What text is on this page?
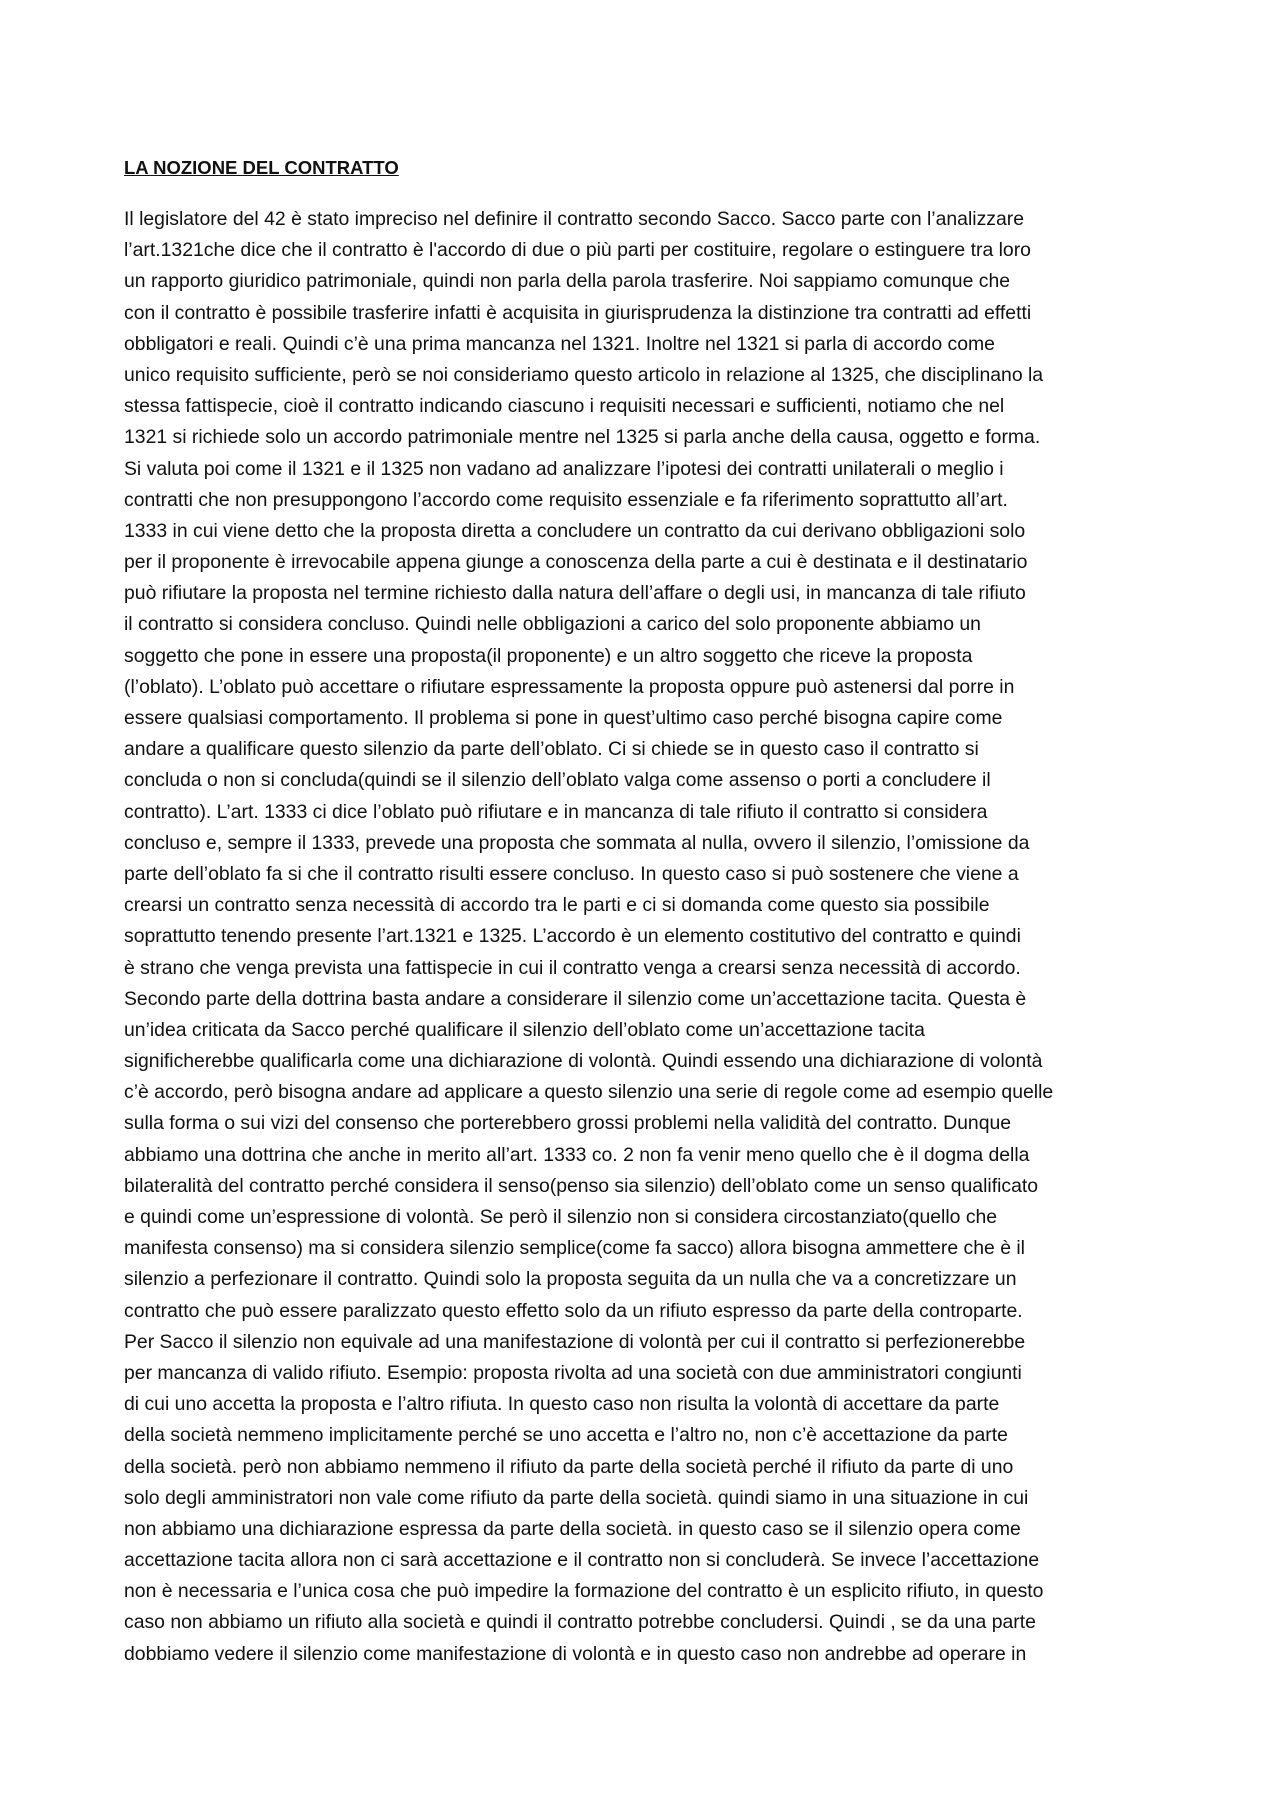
LA NOZIONE DEL CONTRATTO
Il legislatore del 42 è stato impreciso nel definire il contratto secondo Sacco. Sacco parte con l’analizzare
l’art.1321che dice che il contratto è l'accordo di due o più parti per costituire, regolare o estinguere tra loro
un rapporto giuridico patrimoniale, quindi non parla della parola trasferire. Noi sappiamo comunque che
con il contratto è possibile trasferire infatti è acquisita in giurisprudenza la distinzione tra contratti ad effetti
obbligatori e reali. Quindi c’è una prima mancanza nel 1321. Inoltre nel 1321 si parla di accordo come
unico requisito sufficiente, però se noi consideriamo questo articolo in relazione al 1325, che disciplinano la
stessa fattispecie, cioè il contratto indicando ciascuno i requisiti necessari e sufficienti, notiamo che nel
1321 si richiede solo un accordo patrimoniale mentre nel 1325 si parla anche della causa, oggetto e forma.
Si valuta poi come il 1321 e il 1325 non vadano ad analizzare l’ipotesi dei contratti unilaterali o meglio i
contratti che non presuppongono l’accordo come requisito essenziale e fa riferimento soprattutto all’art.
1333 in cui viene detto che la proposta diretta a concludere un contratto da cui derivano obbligazioni solo
per il proponente è irrevocabile appena giunge a conoscenza della parte a cui è destinata e il destinatario
può rifiutare la proposta nel termine richiesto dalla natura dell’affare o degli usi, in mancanza di tale rifiuto
il contratto si considera concluso. Quindi nelle obbligazioni a carico del solo proponente abbiamo un
soggetto che pone in essere una proposta(il proponente) e un altro soggetto che riceve la proposta
(l’oblato). L’oblato può accettare o rifiutare espressamente la proposta oppure può astenersi dal porre in
essere qualsiasi comportamento. Il problema si pone in quest’ultimo caso perché bisogna capire come
andare a qualificare questo silenzio da parte dell’oblato. Ci si chiede se in questo caso il contratto si
concluda o non si concluda(quindi se il silenzio dell’oblato valga come assenso o porti a concludere il
contratto). L’art. 1333 ci dice l’oblato può rifiutare e in mancanza di tale rifiuto il contratto si considera
concluso e, sempre il 1333, prevede una proposta che sommata al nulla, ovvero il silenzio, l’omissione da
parte dell’oblato fa si che il contratto risulti essere concluso. In questo caso si può sostenere che viene a
crearsi un contratto senza necessità di accordo tra le parti e ci si domanda come questo sia possibile
soprattutto tenendo presente l’art.1321 e 1325. L’accordo è un elemento costitutivo del contratto e quindi
è strano che venga prevista una fattispecie in cui il contratto venga a crearsi senza necessità di accordo.
Secondo parte della dottrina basta andare a considerare il silenzio come un’accettazione tacita. Questa è
un’idea criticata da Sacco perché qualificare il silenzio dell’oblato come un’accettazione tacita
significherebbe qualificarla come una dichiarazione di volontà. Quindi essendo una dichiarazione di volontà
c’è accordo, però bisogna andare ad applicare a questo silenzio una serie di regole come ad esempio quelle
sulla forma o sui vizi del consenso che porterebbero grossi problemi nella validità del contratto. Dunque
abbiamo una dottrina che anche in merito all’art. 1333 co. 2 non fa venir meno quello che è il dogma della
bilateralità del contratto perché considera il senso(penso sia silenzio) dell’oblato come un senso qualificato
e quindi come un’espressione di volontà. Se però il silenzio non si considera circostanziato(quello che
manifesta consenso) ma si considera silenzio semplice(come fa sacco) allora bisogna ammettere che è il
silenzio a perfezionare il contratto. Quindi solo la proposta seguita da un nulla che va a concretizzare un
contratto che può essere paralizzato questo effetto solo da un rifiuto espresso da parte della controparte.
Per Sacco il silenzio non equivale ad una manifestazione di volontà per cui il contratto si perfezionerebbe
per mancanza di valido rifiuto. Esempio: proposta rivolta ad una società con due amministratori congiunti
di cui uno accetta la proposta e l’altro rifiuta. In questo caso non risulta la volontà di accettare da parte
della società nemmeno implicitamente perché se uno accetta e l’altro no, non c’è accettazione da parte
della società. però non abbiamo nemmeno il rifiuto da parte della società perché il rifiuto da parte di uno
solo degli amministratori non vale come rifiuto da parte della società. quindi siamo in una situazione in cui
non abbiamo una dichiarazione espressa da parte della società. in questo caso se il silenzio opera come
accettazione tacita allora non ci sarà accettazione e il contratto non si concluderà. Se invece l’accettazione
non è necessaria e l’unica cosa che può impedire la formazione del contratto è un esplicito rifiuto, in questo
caso non abbiamo un rifiuto alla società e quindi il contratto potrebbe concludersi. Quindi , se da una parte
dobbiamo vedere il silenzio come manifestazione di volontà e in questo caso non andrebbe ad operare in
